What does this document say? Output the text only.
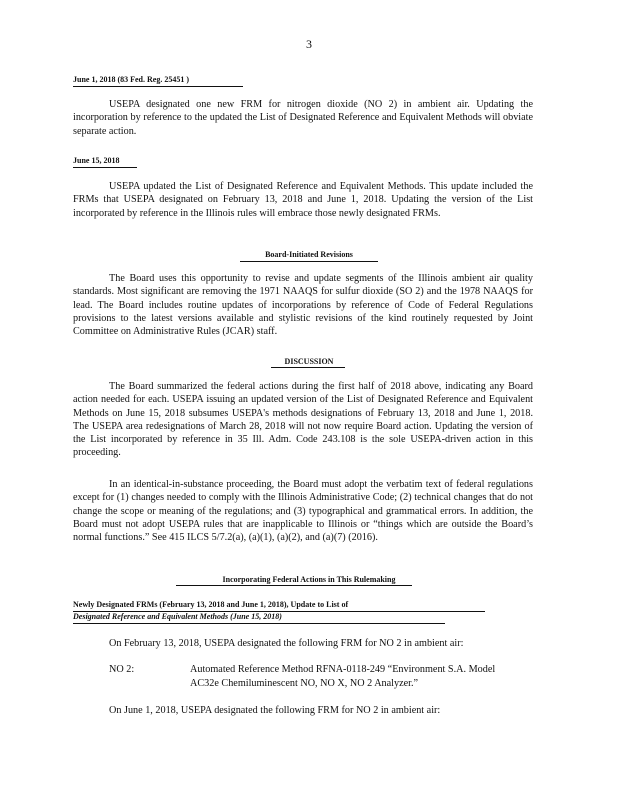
3
June 1, 2018 (83 Fed. Reg. 25451 )

USEPA designated one new FRM for nitrogen dioxide (NO 2) in ambient air. Updating the incorporation by reference to the updated the List of Designated Reference and Equivalent Methods will obviate separate action.

June 15, 2018

USEPA updated the List of Designated Reference and Equivalent Methods. This update included the FRMs that USEPA designated on February 13, 2018 and June 1, 2018. Updating the version of the List incorporated by reference in the Illinois rules will embrace those newly designated FRMs.

Board-Initiated Revisions

The Board uses this opportunity to revise and update segments of the Illinois ambient air quality standards. Most significant are removing the 1971 NAAQS for sulfur dioxide (SO 2) and the 1978 NAAQS for lead. The Board includes routine updates of incorporations by reference of Code of Federal Regulations provisions to the latest versions available and stylistic revisions of the kind routinely requested by Joint Committee on Administrative Rules (JCAR) staff.

DISCUSSION

The Board summarized the federal actions during the first half of 2018 above, indicating any Board action needed for each. USEPA issuing an updated version of the List of Designated Reference and Equivalent Methods on June 15, 2018 subsumes USEPA's methods designations of February 13, 2018 and June 1, 2018. The USEPA area redesignations of March 28, 2018 will not now require Board action. Updating the version of the List incorporated by reference in 35 Ill. Adm. Code 243.108 is the sole USEPA-driven action in this proceeding.

In an identical-in-substance proceeding, the Board must adopt the verbatim text of federal regulations except for (1) changes needed to comply with the Illinois Administrative Code; (2) technical changes that do not change the scope or meaning of the regulations; and (3) typographical and grammatical errors. In addition, the Board must not adopt USEPA rules that are inapplicable to Illinois or “things which are outside the Board’s normal functions.” See 415 ILCS 5/7.2(a), (a)(1), (a)(2), and (a)(7) (2016).

Incorporating Federal Actions in This Rulemaking
Newly Designated FRMs (February 13, 2018 and June 1, 2018), Update to List of
Designated Reference and Equivalent Methods (June 15, 2018)
On February 13, 2018, USEPA designated the following FRM for NO 2 in ambient air:
NO 2:	Automated Reference Method RFNA-0118-249 “Environment S.A. Model
AC32e Chemiluminescent NO, NO X, NO 2 Analyzer.”
On June 1, 2018, USEPA designated the following FRM for NO 2 in ambient air:
